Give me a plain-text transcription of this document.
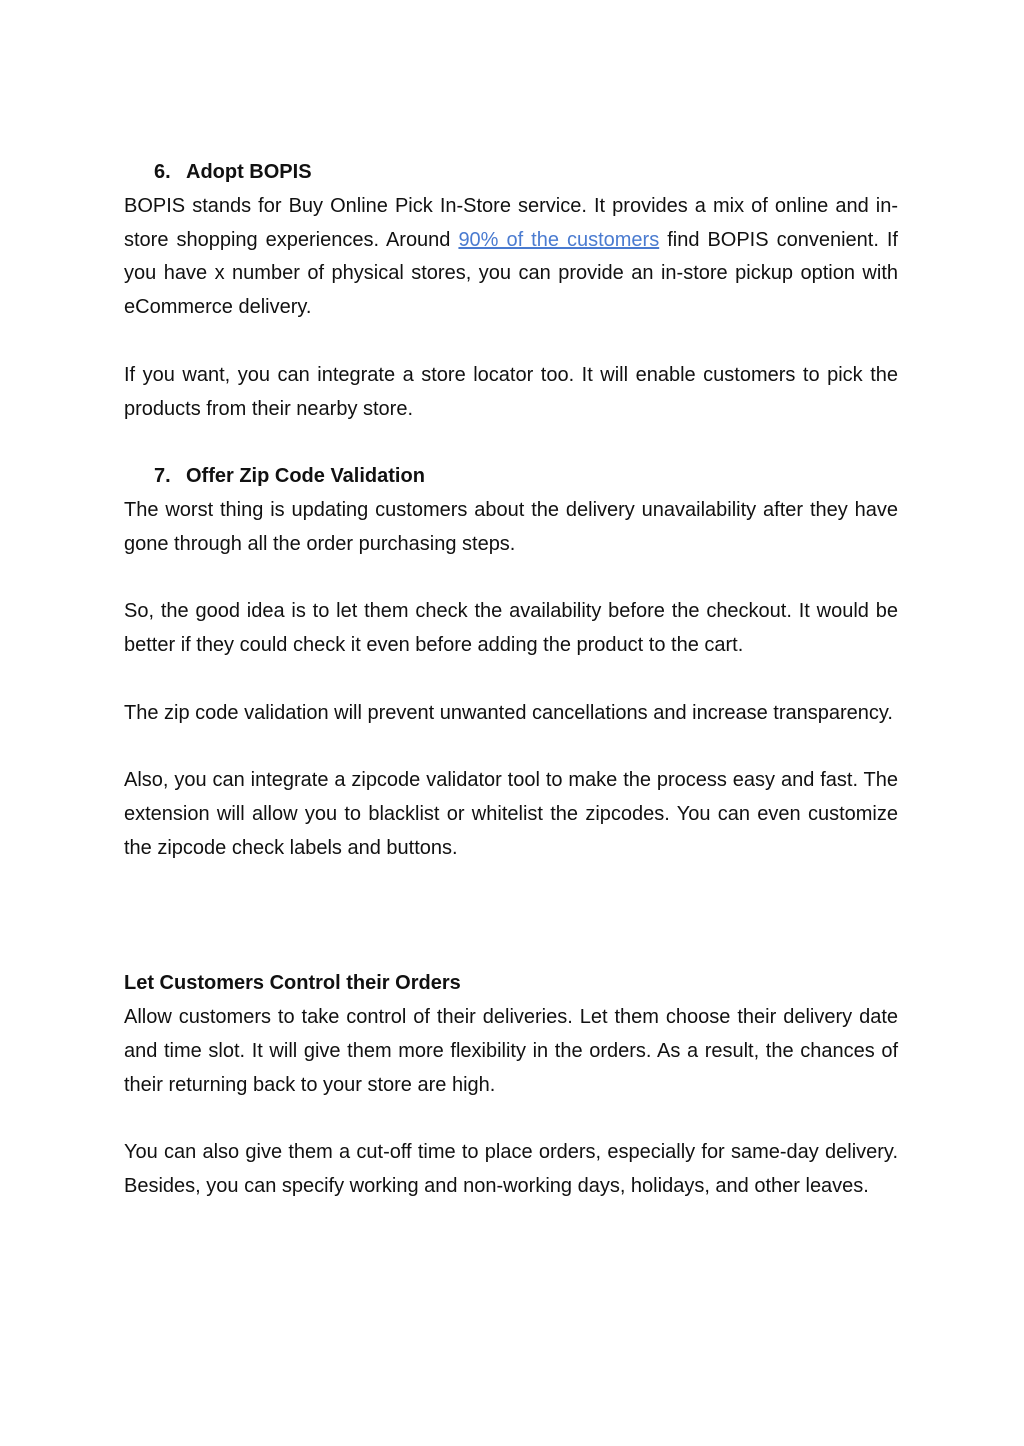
6. Adopt BOPIS

BOPIS stands for Buy Online Pick In-Store service. It provides a mix of online and in-store shopping experiences. Around 90% of the customers find BOPIS convenient. If you have x number of physical stores, you can provide an in-store pickup option with eCommerce delivery.

If you want, you can integrate a store locator too. It will enable customers to pick the products from their nearby store.

7. Offer Zip Code Validation

The worst thing is updating customers about the delivery unavailability after they have gone through all the order purchasing steps.

So, the good idea is to let them check the availability before the checkout. It would be better if they could check it even before adding the product to the cart.

The zip code validation will prevent unwanted cancellations and increase transparency.

Also, you can integrate a zipcode validator tool to make the process easy and fast. The extension will allow you to blacklist or whitelist the zipcodes. You can even customize the zipcode check labels and buttons.

Let Customers Control their Orders

Allow customers to take control of their deliveries. Let them choose their delivery date and time slot. It will give them more flexibility in the orders. As a result, the chances of their returning back to your store are high.

You can also give them a cut-off time to place orders, especially for same-day delivery. Besides, you can specify working and non-working days, holidays, and other leaves.
